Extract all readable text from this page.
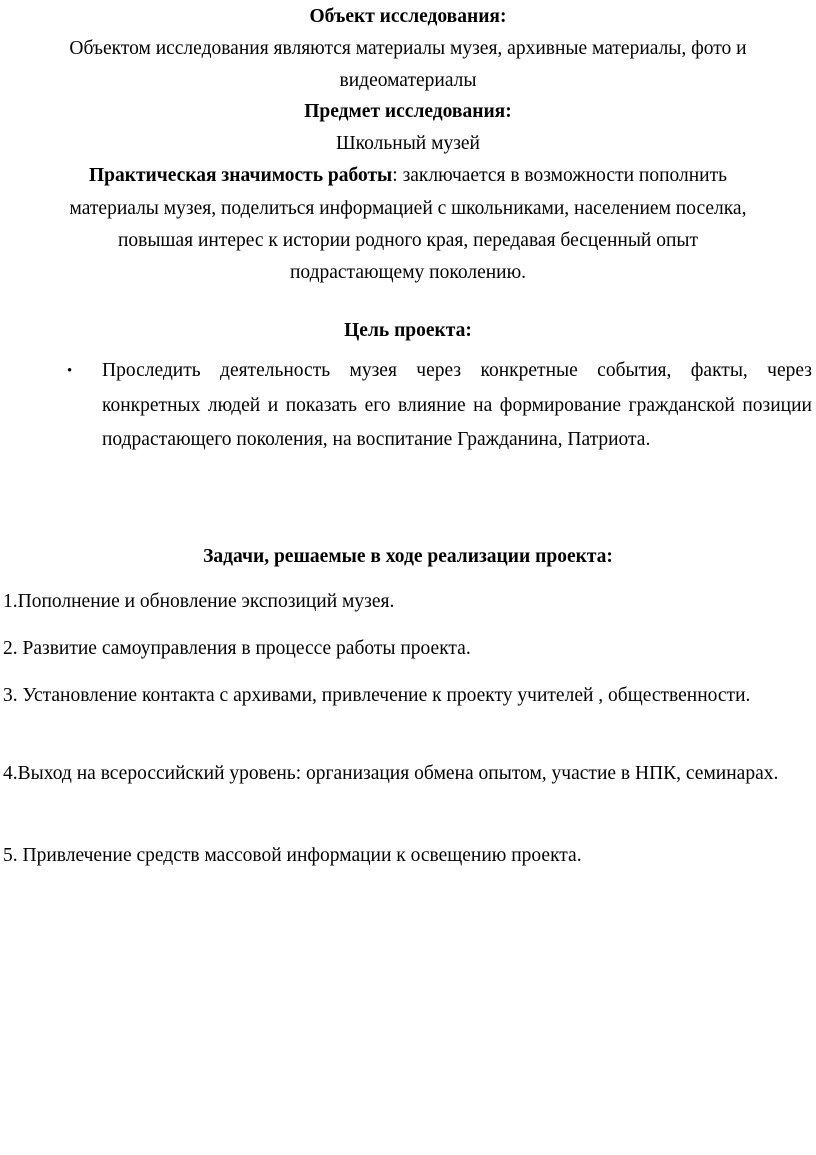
Объект исследования:
Объектом исследования являются материалы музея, архивные материалы, фото и
видеоматериалы
Предмет исследования:
Школьный музей
Практическая значимость работы: заключается в возможности пополнить
материалы музея, поделиться информацией с школьниками, населением поселка,
повышая интерес к истории родного края, передавая бесценный опыт
подрастающему поколению.
Цель проекта:
• Проследить деятельность музея через конкретные события, факты, через конкретных людей и показать его влияние на формирование гражданской позиции подрастающего поколения, на воспитание Гражданина, Патриота.
Задачи, решаемые в ходе реализации проекта:
1.Пополнение и обновление экспозиций музея.
2. Развитие самоуправления в процессе работы проекта.
3. Установление контакта с архивами, привлечение к проекту учителей , общественности.
4.Выход на всероссийский уровень: организация обмена опытом, участие в НПК, семинарах.
5. Привлечение средств массовой информации к освещению проекта.
